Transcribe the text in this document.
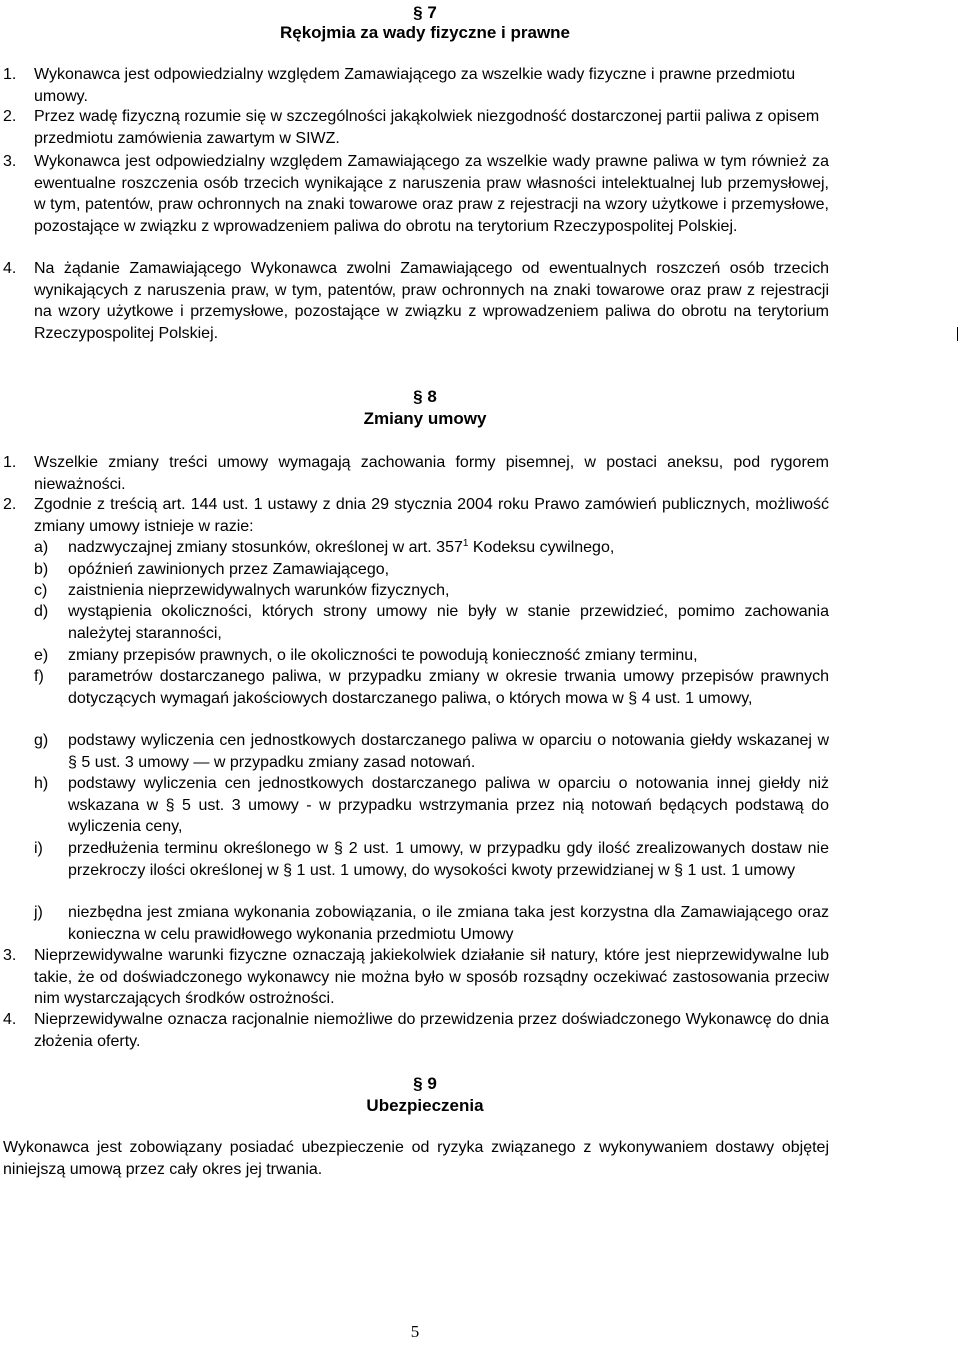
§ 7
Rękojmia za wady fizyczne i prawne
1. Wykonawca jest odpowiedzialny względem Zamawiającego za wszelkie wady fizyczne i prawne przedmiotu umowy.
2. Przez wadę fizyczną rozumie się w szczególności jakąkolwiek niezgodność dostarczonej partii paliwa z opisem przedmiotu zamówienia zawartym w SIWZ.
3. Wykonawca jest odpowiedzialny względem Zamawiającego za wszelkie wady prawne paliwa w tym również za ewentualne roszczenia osób trzecich wynikające z naruszenia praw własności intelektualnej lub przemysłowej, w tym, patentów, praw ochronnych na znaki towarowe oraz praw z rejestracji na wzory użytkowe i przemysłowe, pozostające w związku z wprowadzeniem paliwa do obrotu na terytorium Rzeczypospolitej Polskiej.
4. Na żądanie Zamawiającego Wykonawca zwolni Zamawiającego od ewentualnych roszczeń osób trzecich wynikających z naruszenia praw, w tym, patentów, praw ochronnych na znaki towarowe oraz praw z rejestracji na wzory użytkowe i przemysłowe, pozostające w związku z wprowadzeniem paliwa do obrotu na terytorium Rzeczypospolitej Polskiej.
§ 8
Zmiany umowy
1. Wszelkie zmiany treści umowy wymagają zachowania formy pisemnej, w postaci aneksu, pod rygorem nieważności.
2. Zgodnie z treścią art. 144 ust. 1 ustawy z dnia 29 stycznia 2004 roku Prawo zamówień publicznych, możliwość zmiany umowy istnieje w razie:
a) nadzwyczajnej zmiany stosunków, określonej w art. $357^1$ Kodeksu cywilnego,
b) opóźnień zawinionych przez Zamawiającego,
c) zaistnienia nieprzewidywalnych warunków fizycznych,
d) wystąpienia okoliczności, których strony umowy nie były w stanie przewidzieć, pomimo zachowania należytej staranności,
e) zmiany przepisów prawnych, o ile okoliczności te powodują konieczność zmiany terminu,
f) parametrów dostarczanego paliwa, w przypadku zmiany w okresie trwania umowy przepisów prawnych dotyczących wymagań jakościowych dostarczanego paliwa, o których mowa w § 4 ust. 1 umowy,
g) podstawy wyliczenia cen jednostkowych dostarczanego paliwa w oparciu o notowania giełdy wskazanej w § 5 ust. 3 umowy — w przypadku zmiany zasad notowań.
h) podstawy wyliczenia cen jednostkowych dostarczanego paliwa w oparciu o notowania innej giełdy niż wskazana w § 5 ust. 3 umowy - w przypadku wstrzymania przez nią notowań będących podstawą do wyliczenia ceny,
i) przedłużenia terminu określonego w § 2 ust. 1 umowy, w przypadku gdy ilość zrealizowanych dostaw nie przekroczy ilości określonej w § 1 ust. 1 umowy, do wysokości kwoty przewidzianej w § 1 ust. 1 umowy
j) niezbędna jest zmiana wykonania zobowiązania, o ile zmiana taka jest korzystna dla Zamawiającego oraz konieczna w celu prawidłowego wykonania przedmiotu Umowy
3. Nieprzewidywalne warunki fizyczne oznaczają jakiekolwiek działanie sił natury, które jest nieprzewidywalne lub takie, że od doświadczonego wykonawcy nie można było w sposób rozsądny oczekiwać zastosowania przeciw nim wystarczających środków ostrożności.
4. Nieprzewidywalne oznacza racjonalnie niemożliwe do przewidzenia przez doświadczonego Wykonawcę do dnia złożenia oferty.
§ 9
Ubezpieczenia
Wykonawca jest zobowiązany posiadać ubezpieczenie od ryzyka związanego z wykonywaniem dostawy objętej niniejszą umową przez cały okres jej trwania.
5
